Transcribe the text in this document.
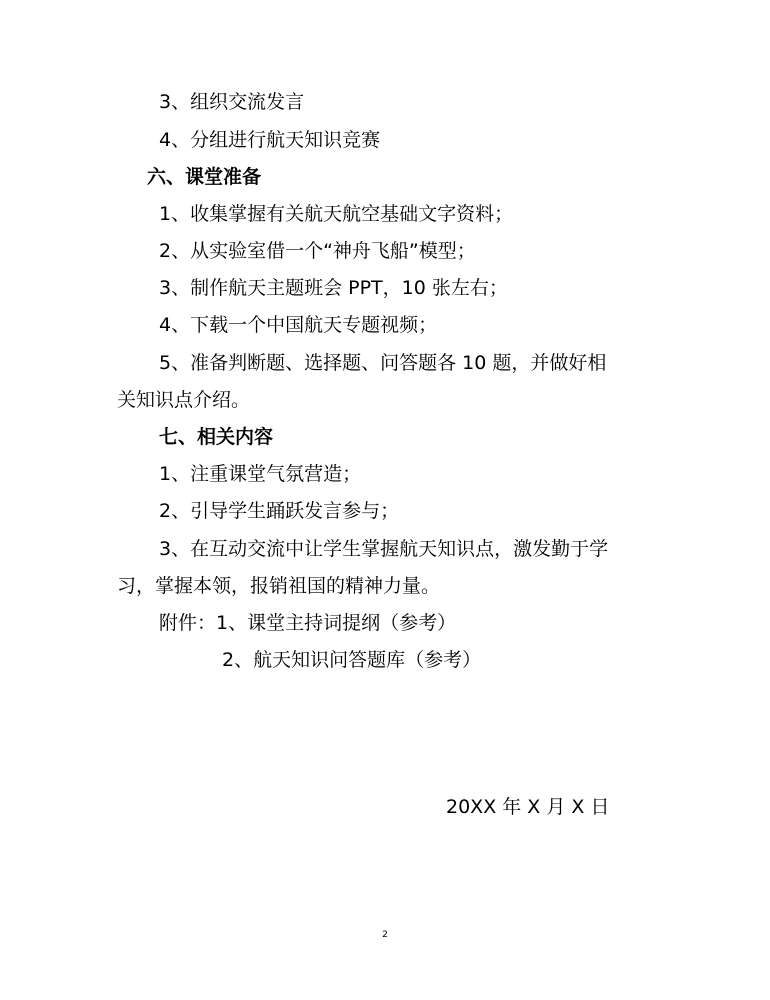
3、组织交流发言
4、分组进行航天知识竞赛
六、课堂准备
1、收集掌握有关航天航空基础文字资料；
2、从实验室借一个“神舟飞船”模型；
3、制作航天主题班会 PPT，10 张左右；
4、下载一个中国航天专题视频；
5、准备判断题、选择题、问答题各 10 题，并做好相
关知识点介绍。
七、相关内容
1、注重课堂气氛营造；
2、引导学生踊跃发言参与；
3、在互动交流中让学生掌握航天知识点，激发勤于学
习，掌握本领，报销祖国的精神力量。
附件：1、课堂主持词提纲（参考）
2、航天知识问答题库（参考）
20XX 年 X 月 X 日
2
